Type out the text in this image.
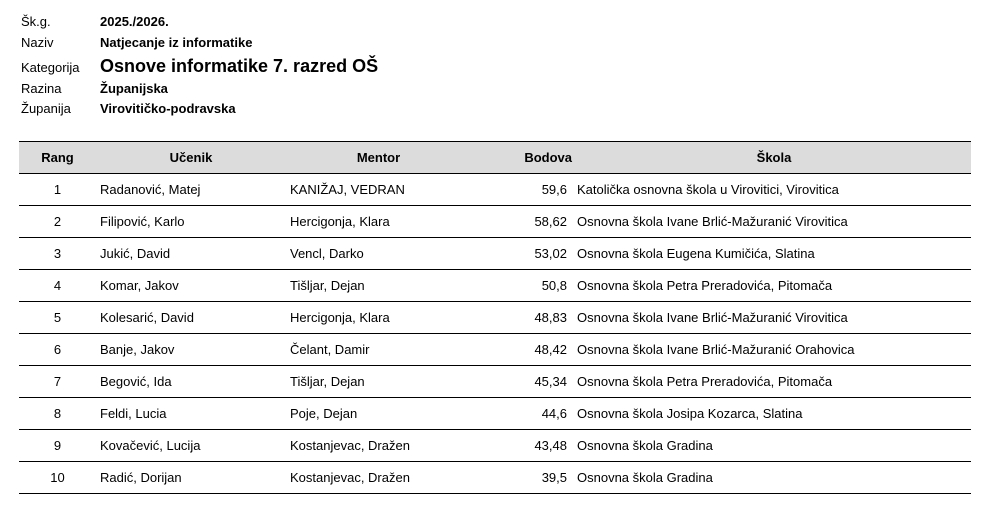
Šk.g.	2025./2026.
Naziv	Natjecanje iz informatike
Kategorija	Osnove informatike 7. razred OŠ
Razina	Županijska
Županija	Virovitičko-podravska
Rang	Učenik	Mentor	Bodova	Škola
1	Radanović, Matej	KANIŽAJ, VEDRAN	59,6	Katolička osnovna škola u Virovitici, Virovitica
2	Filipović, Karlo	Hercigonja, Klara	58,62	Osnovna škola Ivane Brlić-Mažuranić Virovitica
3	Jukić, David	Vencl, Darko	53,02	Osnovna škola Eugena Kumičića, Slatina
4	Komar, Jakov	Tišljar, Dejan	50,8	Osnovna škola Petra Preradovića, Pitomača
5	Kolesarić, David	Hercigonja, Klara	48,83	Osnovna škola Ivane Brlić-Mažuranić Virovitica
6	Banje, Jakov	Čelant, Damir	48,42	Osnovna škola Ivane Brlić-Mažuranić Orahovica
7	Begović, Ida	Tišljar, Dejan	45,34	Osnovna škola Petra Preradovića, Pitomača
8	Feldi, Lucia	Poje, Dejan	44,6	Osnovna škola Josipa Kozarca, Slatina
9	Kovačević, Lucija	Kostanjevac, Dražen	43,48	Osnovna škola Gradina
10	Radić, Dorijan	Kostanjevac, Dražen	39,5	Osnovna škola Gradina
